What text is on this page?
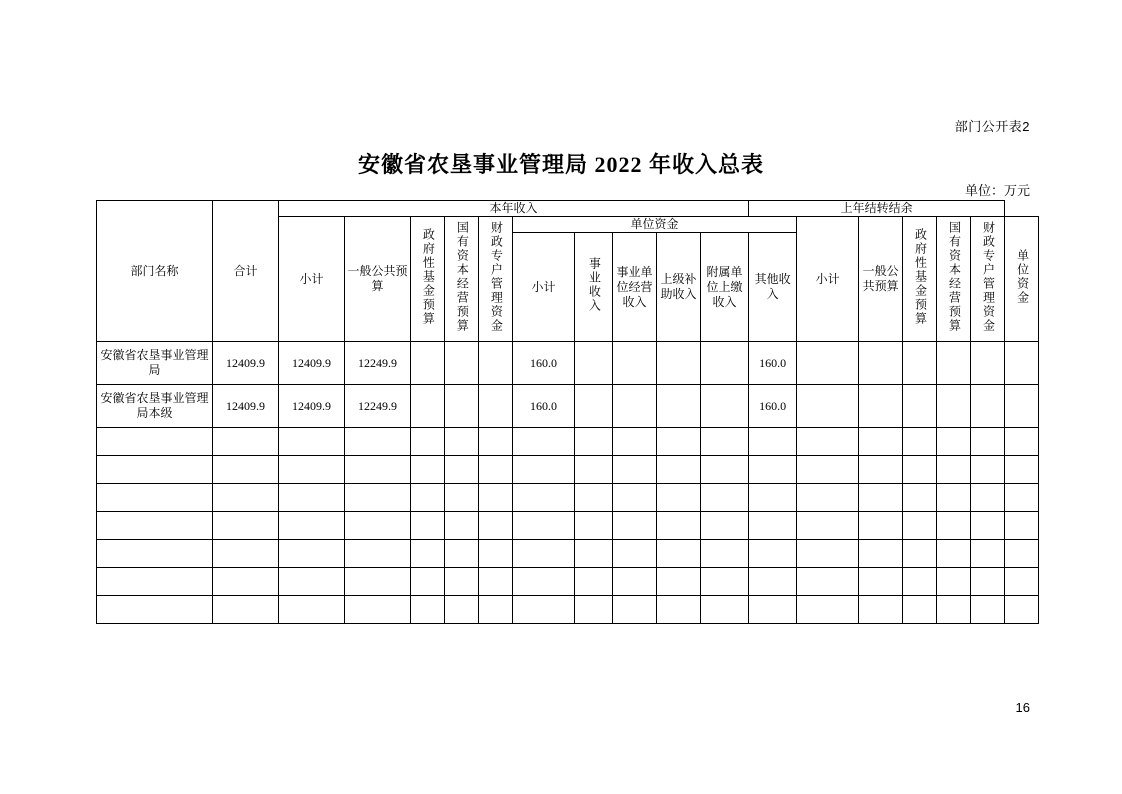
部门公开表2
安徽省农垦事业管理局 2022 年收入总表
单位：万元
部门名称	合计	本年收入										上年结转结余						
		小计	一般公共预算	政府性基金预算	国有资本经营预算	财政专户管理资金	单位资金						小计	一般公共预算	政府性基金预算	国有资本经营预算	财政专户管理资金	单位资金
							小计	事业收入	事业单位经营收入	上级补助收入	附属单位上缴收入	其他收入						

安徽省农垦事业管理局	12409.9	12409.9	12249.9				160.0					160.0						
安徽省农垦事业管理局本级	12409.9	12409.9	12249.9				160.0					160.0						

16
